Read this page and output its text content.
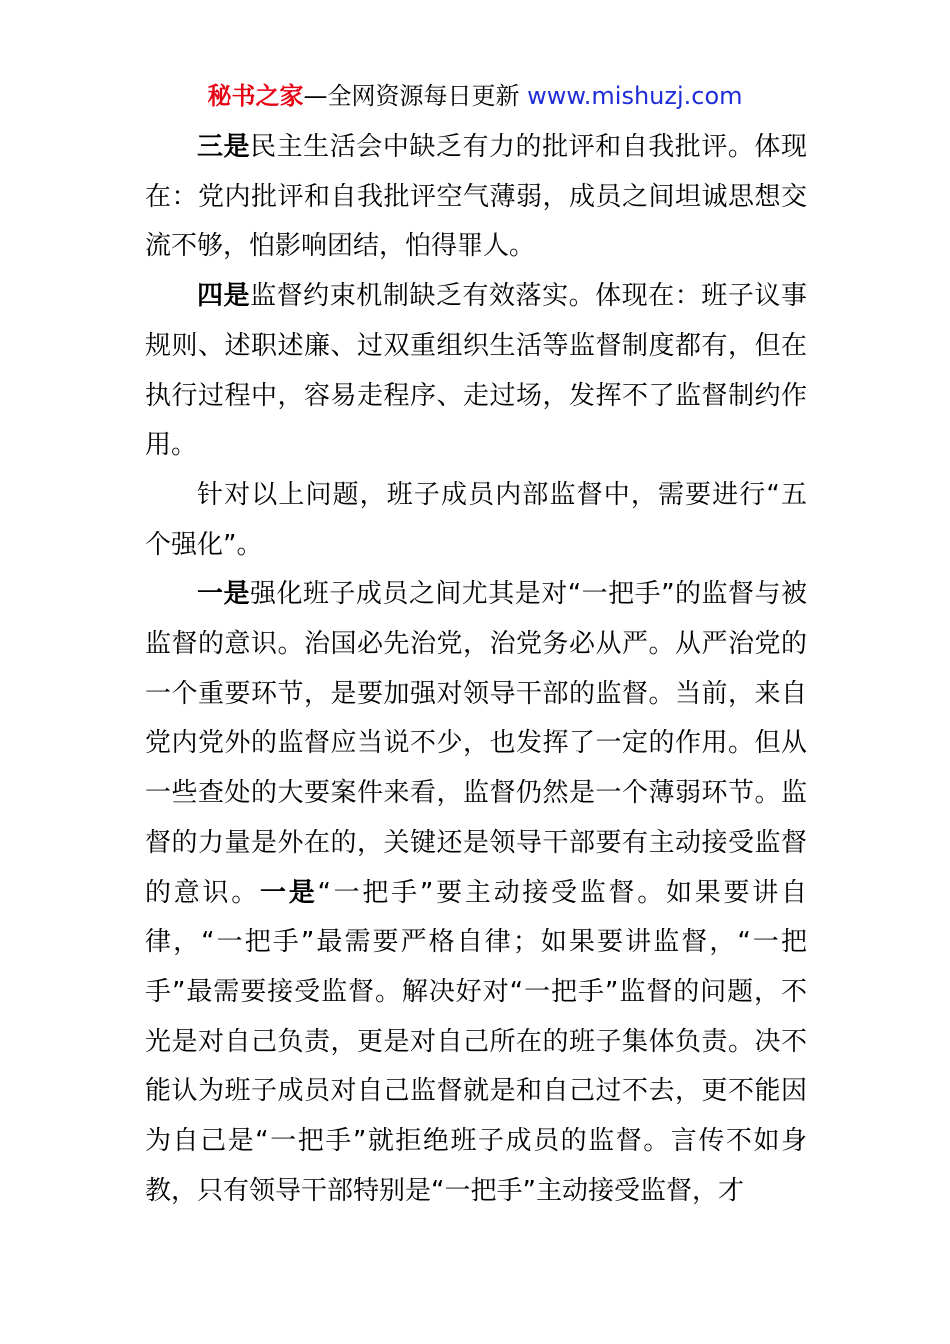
秘书之家—全网资源每日更新 www.mishuzj.com

三是民主生活会中缺乏有力的批评和自我批评。体现在：党内批评和自我批评空气薄弱，成员之间坦诚思想交流不够，怕影响团结，怕得罪人。

四是监督约束机制缺乏有效落实。体现在：班子议事规则、述职述廉、过双重组织生活等监督制度都有，但在执行过程中，容易走程序、走过场，发挥不了监督制约作用。

针对以上问题，班子成员内部监督中，需要进行“五个强化”。

一是强化班子成员之间尤其是对“一把手”的监督与被监督的意识。治国必先治党，治党务必从严。从严治党的一个重要环节，是要加强对领导干部的监督。当前，来自党内党外的监督应当说不少，也发挥了一定的作用。但从一些查处的大要案件来看，监督仍然是一个薄弱环节。监督的力量是外在的，关键还是领导干部要有主动接受监督的意识。一是“一把手”要主动接受监督。如果要讲自律，“一把手”最需要严格自律；如果要讲监督，“一把手”最需要接受监督。解决好对“一把手”监督的问题，不光是对自己负责，更是对自己所在的班子集体负责。决不能认为班子成员对自己监督就是和自己过不去，更不能因为自己是“一把手”就拒绝班子成员的监督。言传不如身教，只有领导干部特别是“一把手”主动接受监督，才
